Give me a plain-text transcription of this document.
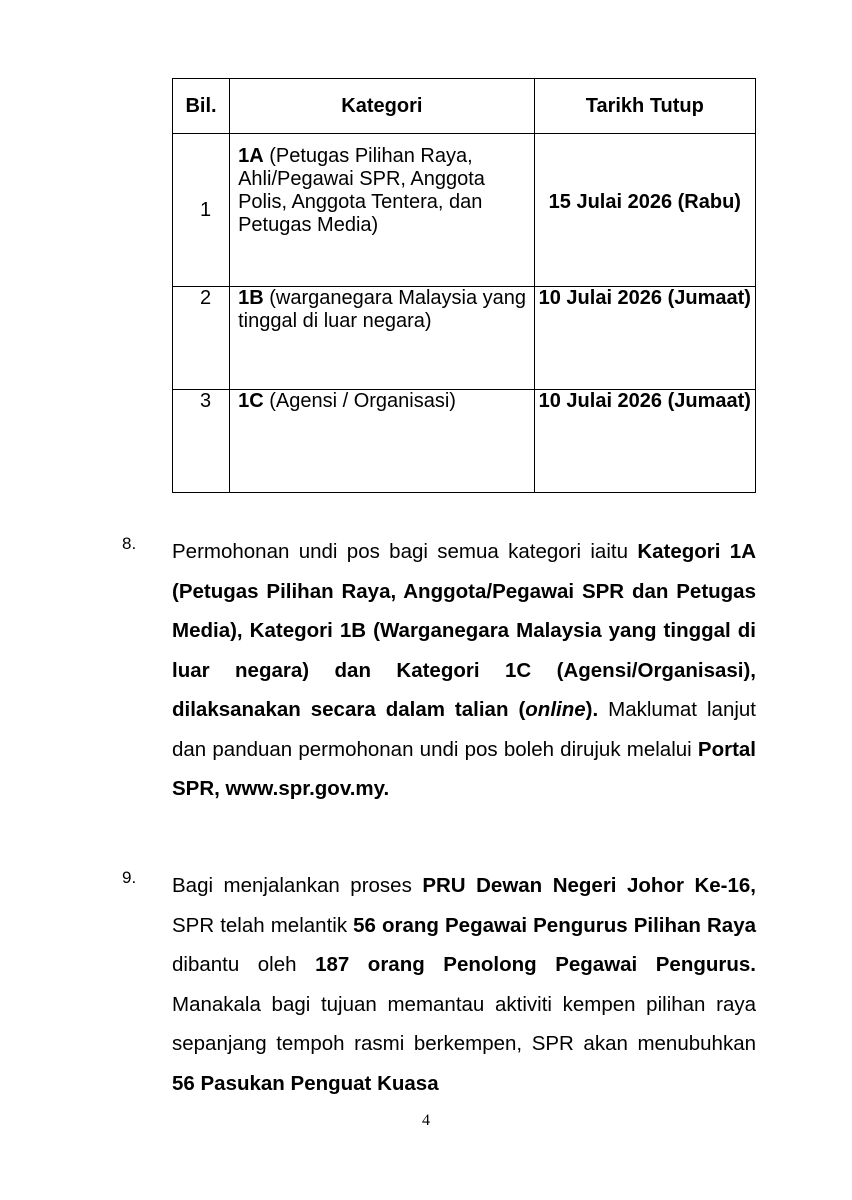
Bil.	Kategori	Tarikh Tutup
1	1A (Petugas Pilihan Raya, Ahli/Pegawai SPR, Anggota Polis, Anggota Tentera, dan Petugas Media)	15 Julai 2026 (Rabu)
2	1B (warganegara Malaysia yang tinggal di luar negara)	10 Julai 2026 (Jumaat)
3	1C (Agensi / Organisasi)	10 Julai 2026 (Jumaat)
8. Permohonan undi pos bagi semua kategori iaitu Kategori 1A (Petugas Pilihan Raya, Anggota/Pegawai SPR dan Petugas Media), Kategori 1B (Warganegara Malaysia yang tinggal di luar negara) dan Kategori 1C (Agensi/Organisasi), dilaksanakan secara dalam talian (online). Maklumat lanjut dan panduan permohonan undi pos boleh dirujuk melalui Portal SPR, www.spr.gov.my.
9. Bagi menjalankan proses PRU Dewan Negeri Johor Ke-16, SPR telah melantik 56 orang Pegawai Pengurus Pilihan Raya dibantu oleh 187 orang Penolong Pegawai Pengurus. Manakala bagi tujuan memantau aktiviti kempen pilihan raya sepanjang tempoh rasmi berkempen, SPR akan menubuhkan 56 Pasukan Penguat Kuasa
4
